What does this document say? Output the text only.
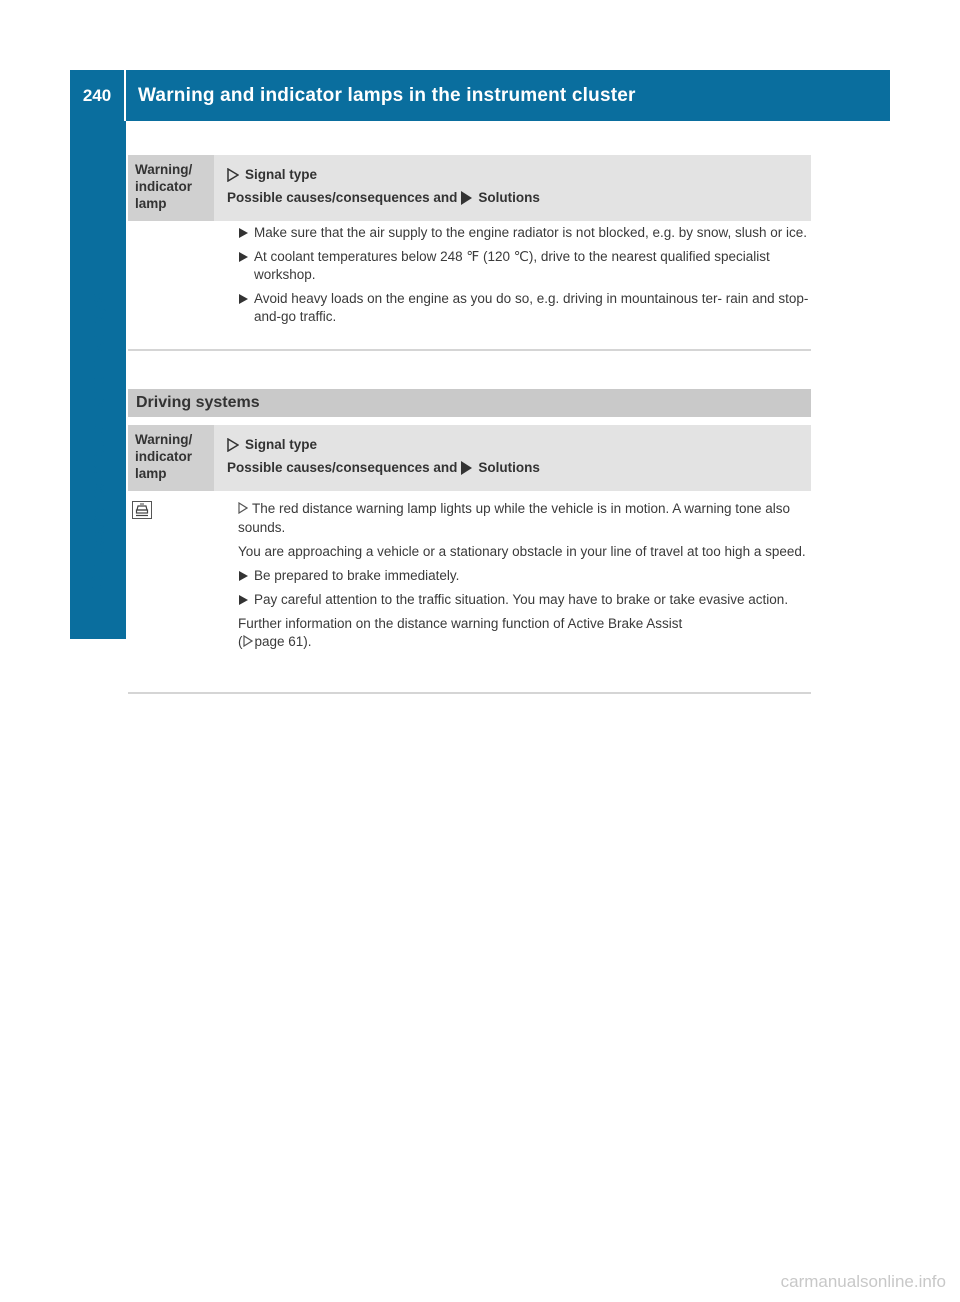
240	Warning and indicator lamps in the instrument cluster
On-board computer and displays
Warning/
indicator
lamp
Signal type
Possible causes/consequences and Solutions
Make sure that the air supply to the engine radiator is not blocked, e.g. by snow, slush or ice.
At coolant temperatures below 248 ℉ (120 ℃), drive to the nearest qualified specialist workshop.
Avoid heavy loads on the engine as you do so, e.g. driving in mountainous ter- rain and stop-and-go traffic.
Driving systems
Warning/
indicator
lamp
Signal type
Possible causes/consequences and Solutions
The red distance warning lamp lights up while the vehicle is in motion. A warning tone also sounds.
You are approaching a vehicle or a stationary obstacle in your line of travel at too high a speed.
Be prepared to brake immediately.
Pay careful attention to the traffic situation. You may have to brake or take evasive action.
Further information on the distance warning function of Active Brake Assist
( page 61).
carmanualsonline.info
